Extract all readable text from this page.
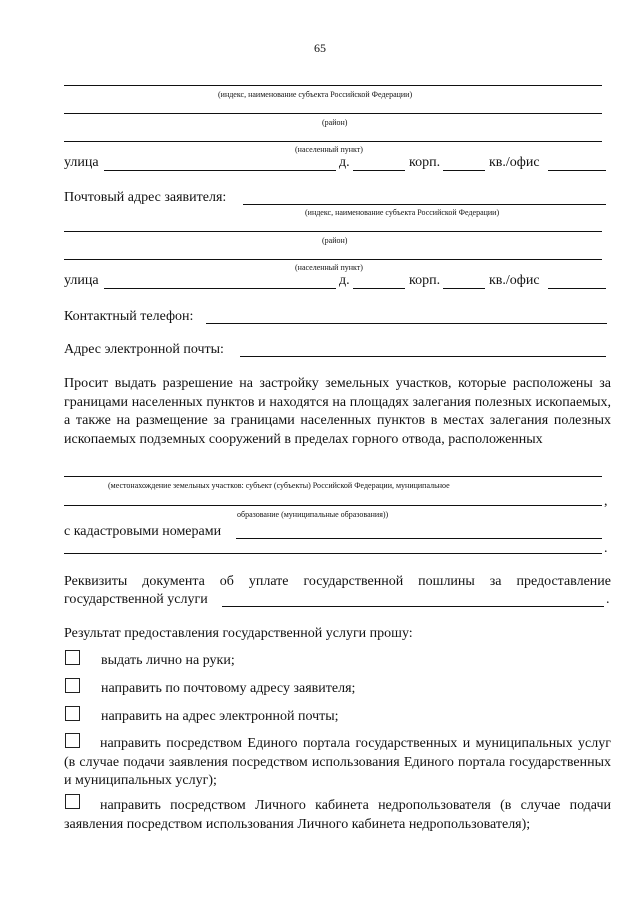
65
(индекс, наименование субъекта Российской Федерации)
(район)
(населенный пункт)
улица	д.	корп.	кв./офис
Почтовый адрес заявителя:
(индекс, наименование субъекта Российской Федерации)
(район)
(населенный пункт)
улица	д.	корп.	кв./офис
Контактный телефон:
Адрес электронной почты:
Просит выдать разрешение на застройку земельных участков, которые расположены за границами населенных пунктов и находятся на площадях залегания полезных ископаемых, а также на размещение за границами населенных пунктов в местах залегания полезных ископаемых подземных сооружений в пределах горного отвода, расположенных
(местонахождение земельных участков: субъект (субъекты) Российской Федерации, муниципальное
,
образование (муниципальные образования))
с кадастровыми номерами
.
Реквизиты документа об уплате государственной пошлины за предоставление
государственной услуги	.
Результат предоставления государственной услуги прошу:
выдать лично на руки;
направить по почтовому адресу заявителя;
направить на адрес электронной почты;
направить посредством Единого портала государственных и муниципальных услуг (в случае подачи заявления посредством использования Единого портала государственных и муниципальных услуг);
направить посредством Личного кабинета недропользователя (в случае подачи заявления посредством использования Личного кабинета недропользователя);
